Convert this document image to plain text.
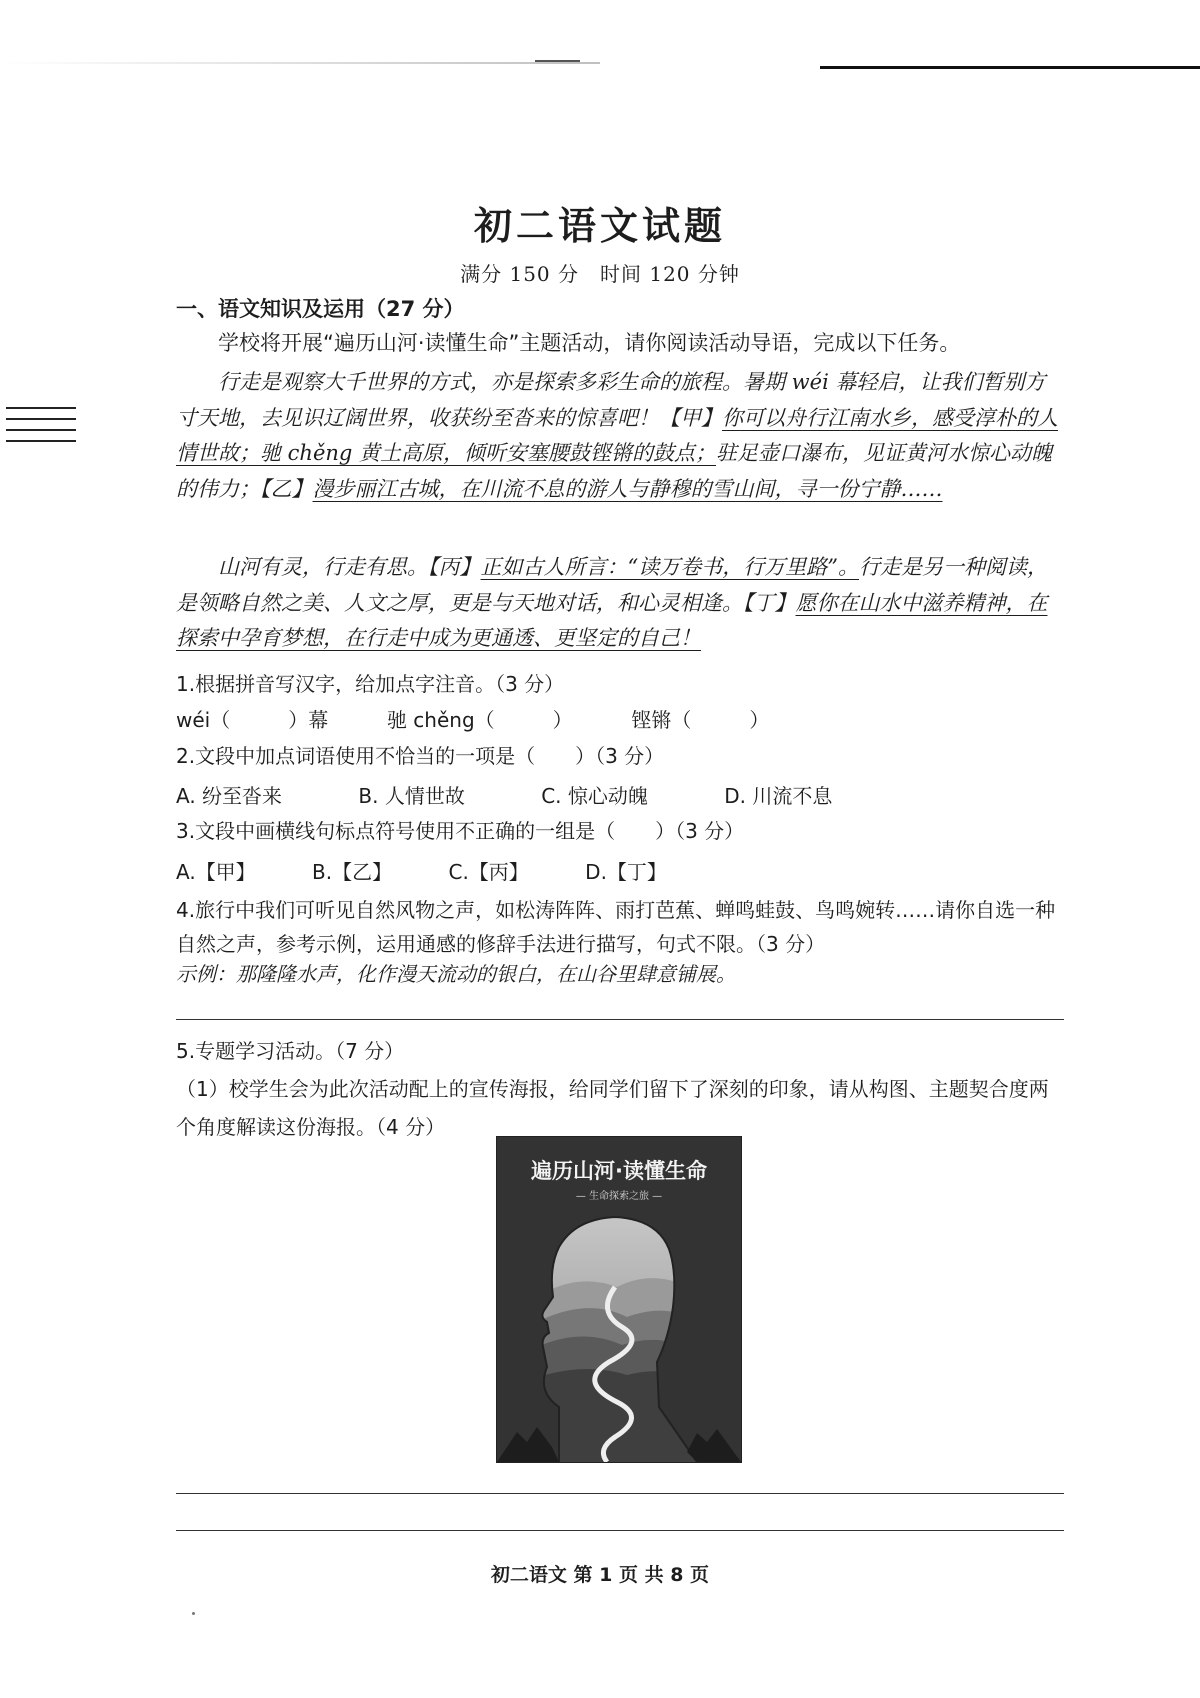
初二语文试题
满分 150 分　时间 120 分钟
一、语文知识及运用（27 分）
学校将开展“遍历山河·读懂生命”主题活动，请你阅读活动导语，完成以下任务。
行走是观察大千世界的方式，亦是探索多彩生命的旅程。暑期 wéi 幕轻启，让我们暂别方寸天地，去见识辽阔世界，收获纷至沓来的惊喜吧！【甲】你可以舟行江南水乡，感受淳朴的人情世故；驰 chěng 黄土高原，倾听安塞腰鼓铿锵的鼓点；驻足壶口瀑布，见证黄河水惊心动魄的伟力；【乙】漫步丽江古城，在川流不息的游人与静穆的雪山间，寻一份宁静……
山河有灵，行走有思。【丙】正如古人所言：“读万卷书，行万里路”。行走是另一种阅读，是领略自然之美、人文之厚，更是与天地对话，和心灵相逢。【丁】愿你在山水中滋养精神，在探索中孕育梦想，在行走中成为更通透、更坚定的自己！
1.根据拼音写汉字，给加点字注音。（3 分）
wéi（	）幕	驰 chěng（	）	铿锵（	）
2.文段中加点词语使用不恰当的一项是（　　）（3 分）
A. 纷至沓来	B. 人情世故	C. 惊心动魄	D. 川流不息
3.文段中画横线句标点符号使用不正确的一组是（　　）（3 分）
A.【甲】	B.【乙】	C.【丙】	D.【丁】
4.旅行中我们可听见自然风物之声，如松涛阵阵、雨打芭蕉、蝉鸣蛙鼓、鸟鸣婉转……请你自选一种自然之声，参考示例，运用通感的修辞手法进行描写，句式不限。（3 分）
示例：那隆隆水声，化作漫天流动的银白，在山谷里肆意铺展。
5.专题学习活动。（7 分）
（1）校学生会为此次活动配上的宣传海报，给同学们留下了深刻的印象，请从构图、主题契合度两个角度解读这份海报。（4 分）
遍历山河·读懂生命
— 生命探索之旅 —
初二语文 第 1 页 共 8 页
